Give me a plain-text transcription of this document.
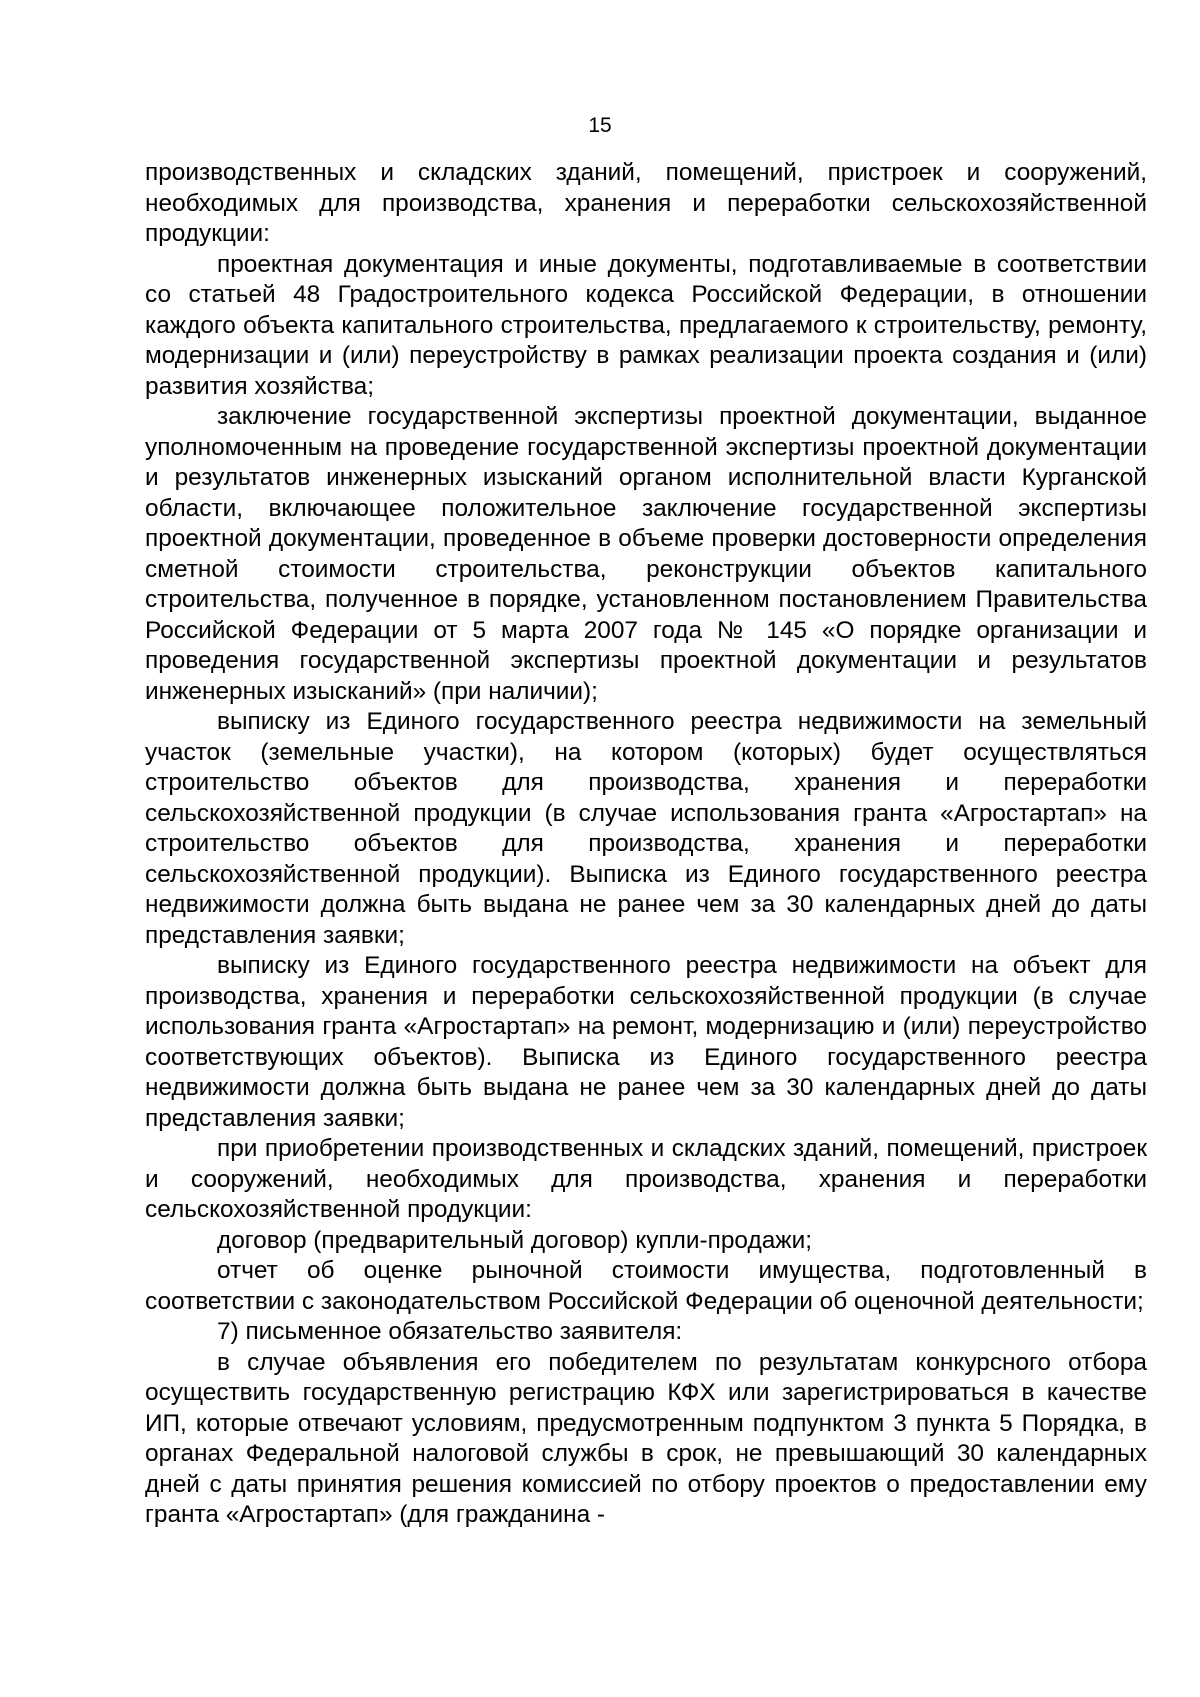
15

производственных и складских зданий, помещений, пристроек и сооружений, необходимых для производства, хранения и переработки сельскохозяйственной продукции:

проектная документация и иные документы, подготавливаемые в соответствии со статьей 48 Градостроительного кодекса Российской Федерации, в отношении каждого объекта капитального строительства, предлагаемого к строительству, ремонту, модернизации и (или) переустройству в рамках реализации проекта создания и (или) развития хозяйства;

заключение государственной экспертизы проектной документации, выданное уполномоченным на проведение государственной экспертизы проектной документации и результатов инженерных изысканий органом исполнительной власти Курганской области, включающее положительное заключение государственной экспертизы проектной документации, проведенное в объеме проверки достоверности определения сметной стоимости строительства, реконструкции объектов капитального строительства, полученное в порядке, установленном постановлением Правительства Российской Федерации от 5 марта 2007 года № 145 «О порядке организации и проведения государственной экспертизы проектной документации и результатов инженерных изысканий» (при наличии);

выписку из Единого государственного реестра недвижимости на земельный участок (земельные участки), на котором (которых) будет осуществляться строительство объектов для производства, хранения и переработки сельскохозяйственной продукции (в случае использования гранта «Агростартап» на строительство объектов для производства, хранения и переработки сельскохозяйственной продукции). Выписка из Единого государственного реестра недвижимости должна быть выдана не ранее чем за 30 календарных дней до даты представления заявки;

выписку из Единого государственного реестра недвижимости на объект для производства, хранения и переработки сельскохозяйственной продукции (в случае использования гранта «Агростартап» на ремонт, модернизацию и (или) переустройство соответствующих объектов). Выписка из Единого государственного реестра недвижимости должна быть выдана не ранее чем за 30 календарных дней до даты представления заявки;

при приобретении производственных и складских зданий, помещений, пристроек и сооружений, необходимых для производства, хранения и переработки сельскохозяйственной продукции:

договор (предварительный договор) купли-продажи;

отчет об оценке рыночной стоимости имущества, подготовленный в соответствии с законодательством Российской Федерации об оценочной деятельности;

7) письменное обязательство заявителя:

в случае объявления его победителем по результатам конкурсного отбора осуществить государственную регистрацию КФХ или зарегистрироваться в качестве ИП, которые отвечают условиям, предусмотренным подпунктом 3 пункта 5 Порядка, в органах Федеральной налоговой службы в срок, не превышающий 30 календарных дней с даты принятия решения комиссией по отбору проектов о предоставлении ему гранта «Агростартап» (для гражданина -
